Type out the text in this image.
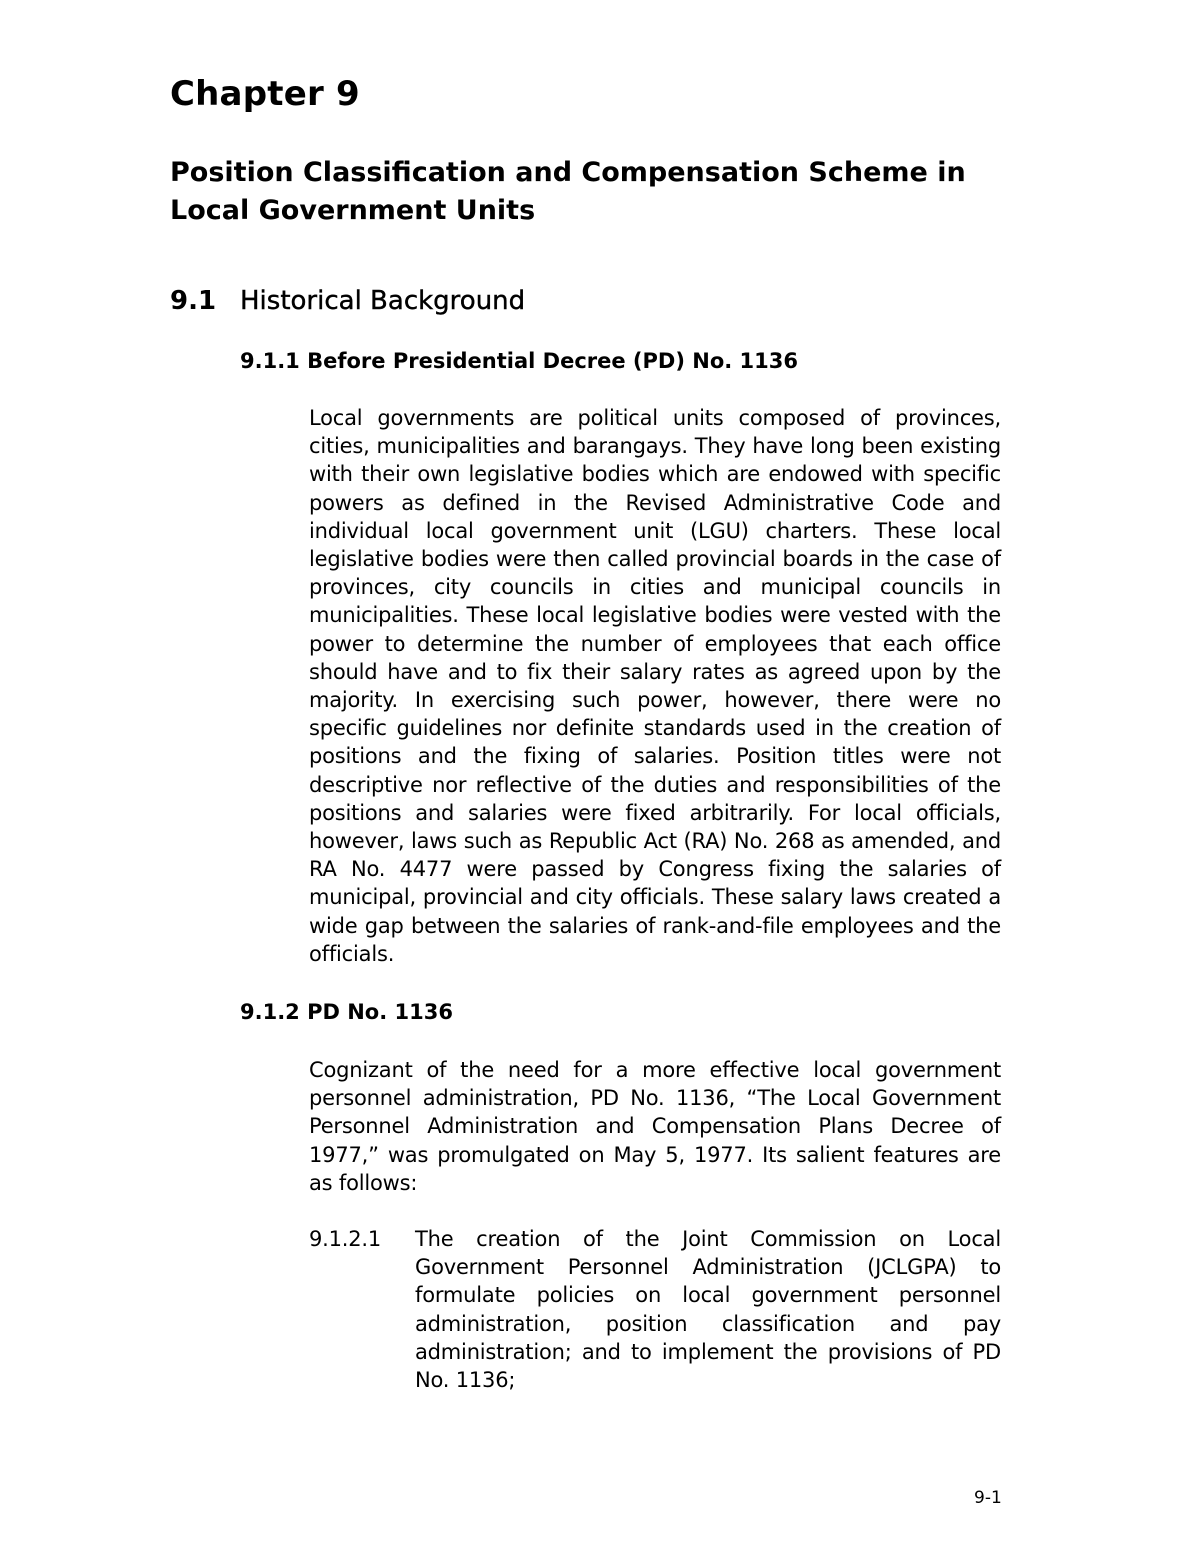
Chapter 9
Position Classification and Compensation Scheme in Local Government Units
9.1 Historical Background
9.1.1 Before Presidential Decree (PD) No. 1136

Local governments are political units composed of provinces, cities, municipalities and barangays. They have long been existing with their own legislative bodies which are endowed with specific powers as defined in the Revised Administrative Code and individual local government unit (LGU) charters. These local legislative bodies were then called provincial boards in the case of provinces, city councils in cities and municipal councils in municipalities. These local legislative bodies were vested with the power to determine the number of employees that each office should have and to fix their salary rates as agreed upon by the majority. In exercising such power, however, there were no specific guidelines nor definite standards used in the creation of positions and the fixing of salaries. Position titles were not descriptive nor reflective of the duties and responsibilities of the positions and salaries were fixed arbitrarily. For local officials, however, laws such as Republic Act (RA) No. 268 as amended, and RA No. 4477 were passed by Congress fixing the salaries of municipal, provincial and city officials. These salary laws created a wide gap between the salaries of rank-and-file employees and the officials.

9.1.2 PD No. 1136

Cognizant of the need for a more effective local government personnel administration, PD No. 1136, “The Local Government Personnel Administration and Compensation Plans Decree of 1977,” was promulgated on May 5, 1977. Its salient features are as follows:

9.1.2.1 The creation of the Joint Commission on Local Government Personnel Administration (JCLGPA) to formulate policies on local government personnel administration, position classification and pay administration; and to implement the provisions of PD No. 1136;

9-1
